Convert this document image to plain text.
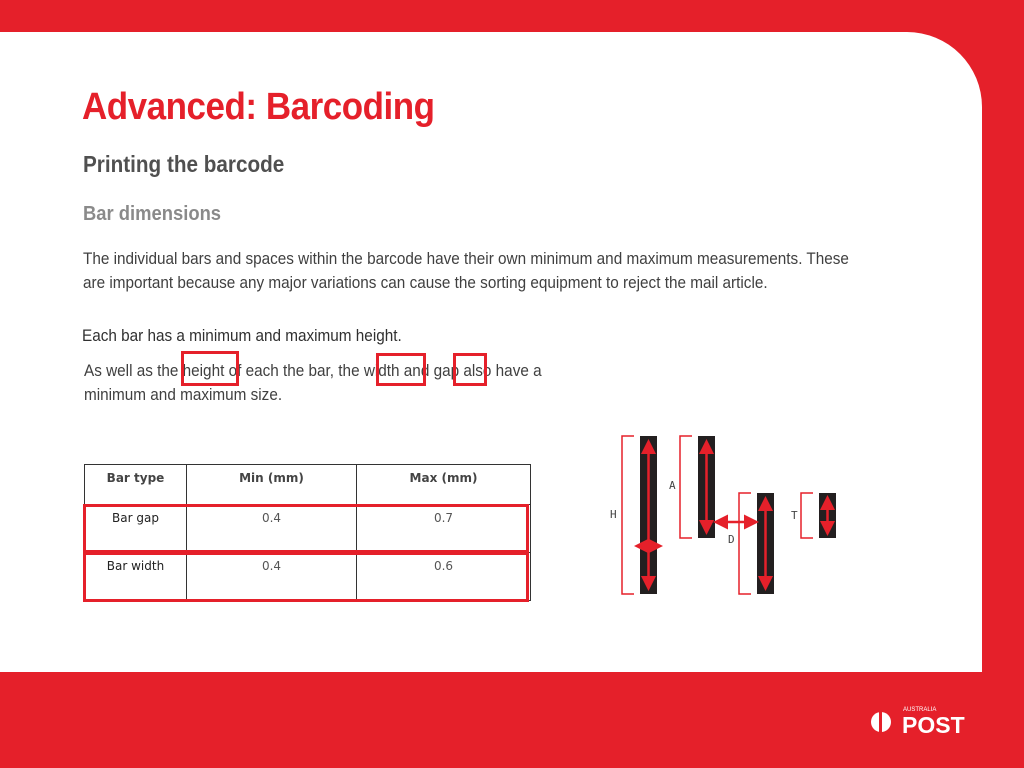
Advanced: Barcoding
Printing the barcode
Bar dimensions

The individual bars and spaces within the barcode have their own minimum and maximum measurements. These are important because any major variations can cause the sorting equipment to reject the mail article.

Each bar has a minimum and maximum height.

As well as the height of each the bar, the width and gap also have a minimum and maximum size.

Bar type	Min (mm)	Max (mm)
Bar gap	0.4	0.7
Bar width	0.4	0.6
H
A
D
T
AUSTRALIA
POST
